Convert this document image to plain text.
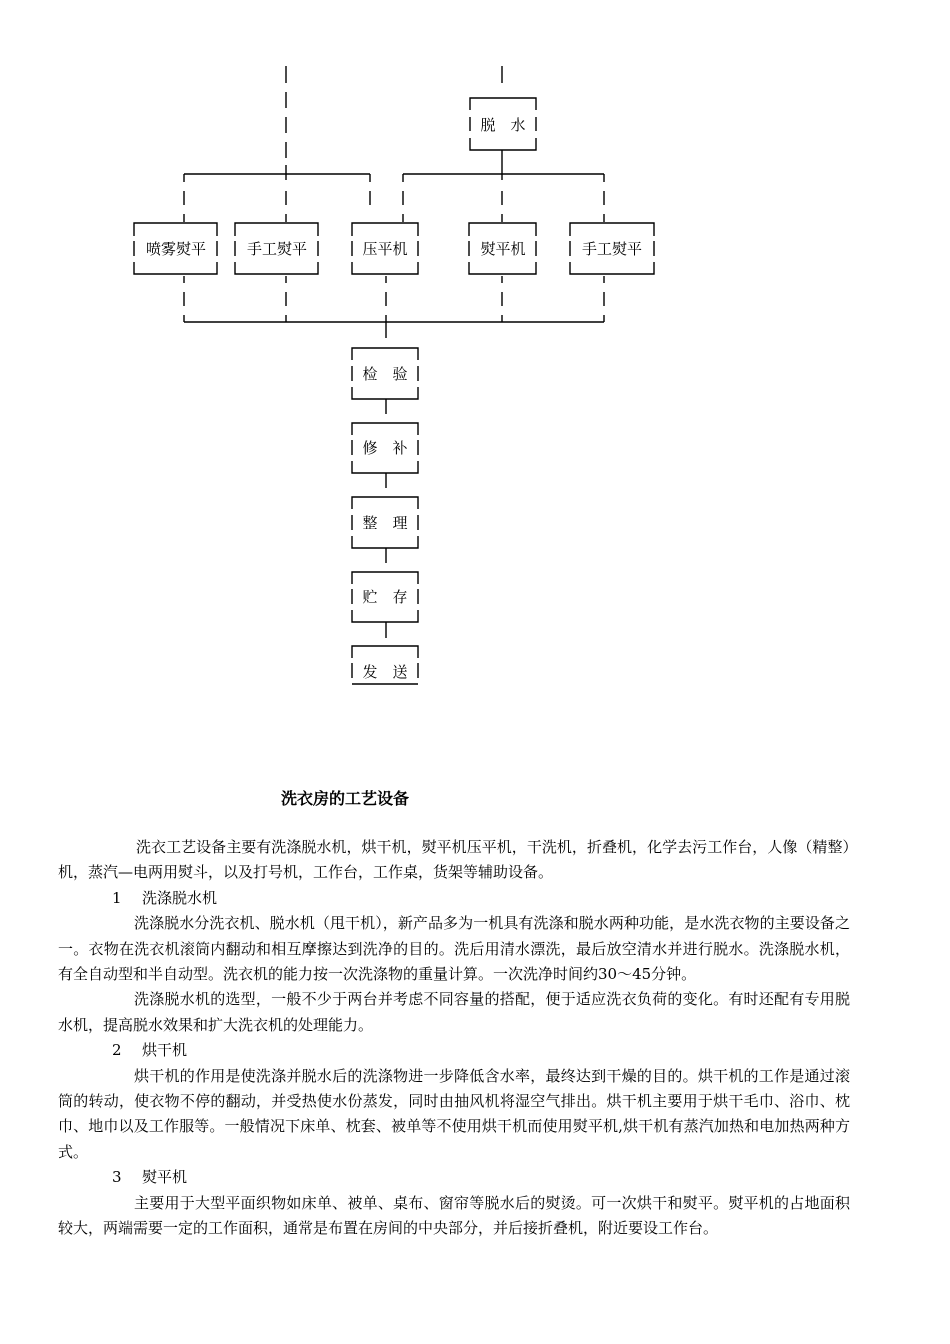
脱　水
喷雾熨平	手工熨平	压平机	熨平机	手工熨平
检　验
修　补
整　理
贮　存
发　送
洗衣房的工艺设备

洗衣工艺设备主要有洗涤脱水机，烘干机，熨平机压平机，干洗机，折叠机，化学去污工作台，人像（精整）机，蒸汽—电两用熨斗，以及打号机，工作台，工作桌，货架等辅助设备。

1 洗涤脱水机

洗涤脱水分洗衣机、脱水机（甩干机），新产品多为一机具有洗涤和脱水两种功能，是水洗衣物的主要设备之一。衣物在洗衣机滚筒内翻动和相互摩擦达到洗净的目的。洗后用清水漂洗，最后放空清水并进行脱水。洗涤脱水机，有全自动型和半自动型。洗衣机的能力按一次洗涤物的重量计算。一次洗净时间约30～45分钟。

洗涤脱水机的选型，一般不少于两台并考虑不同容量的搭配，便于适应洗衣负荷的变化。有时还配有专用脱水机，提高脱水效果和扩大洗衣机的处理能力。

2 烘干机

烘干机的作用是使洗涤并脱水后的洗涤物进一步降低含水率，最终达到干燥的目的。烘干机的工作是通过滚筒的转动，使衣物不停的翻动，并受热使水份蒸发，同时由抽风机将湿空气排出。烘干机主要用于烘干毛巾、浴巾、枕巾、地巾以及工作服等。一般情况下床单、枕套、被单等不使用烘干机而使用熨平机,烘干机有蒸汽加热和电加热两种方式。

3 熨平机

主要用于大型平面织物如床单、被单、桌布、窗帘等脱水后的熨烫。可一次烘干和熨平。熨平机的占地面积较大，两端需要一定的工作面积，通常是布置在房间的中央部分，并后接折叠机，附近要设工作台。
